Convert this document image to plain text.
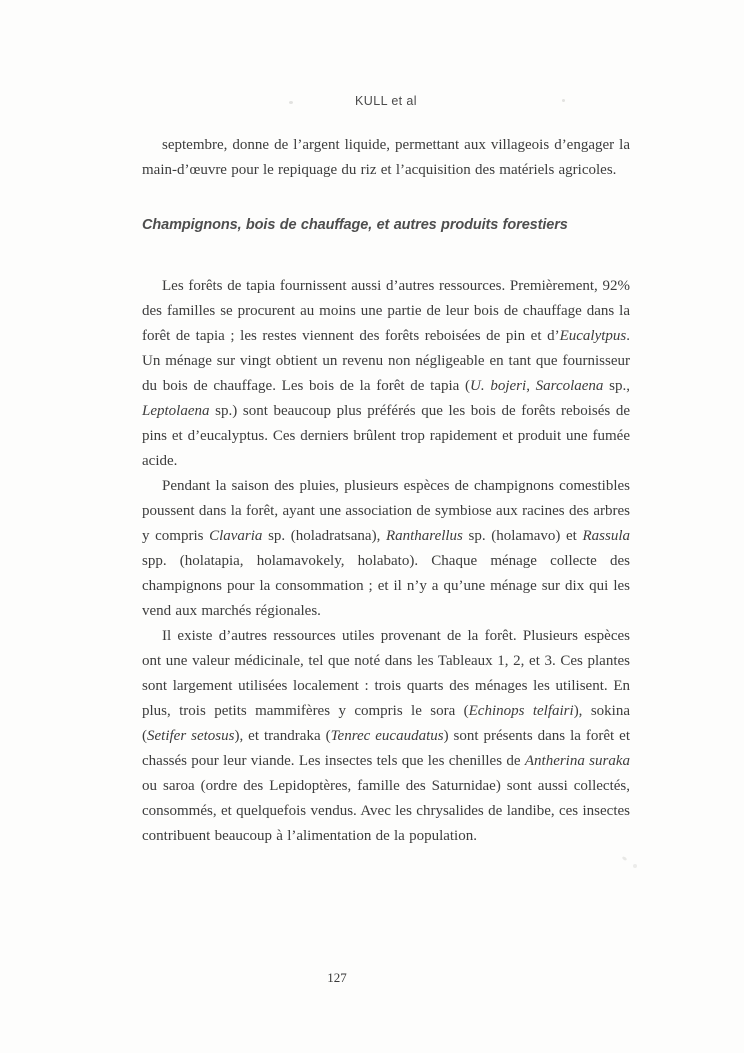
KULL et al

septembre, donne de l’argent liquide, permettant aux villageois d’engager la main-d’œuvre pour le repiquage du riz et l’acquisition des matériels agricoles.

Champignons, bois de chauffage, et autres produits forestiers

Les forêts de tapia fournissent aussi d’autres ressources. Premièrement, 92% des familles se procurent au moins une partie de leur bois de chauffage dans la forêt de tapia ; les restes viennent des forêts reboisées de pin et d’Eucalytpus. Un ménage sur vingt obtient un revenu non négligeable en tant que fournisseur du bois de chauffage. Les bois de la forêt de tapia (U. bojeri, Sarcolaena sp., Leptolaena sp.) sont beaucoup plus préférés que les bois de forêts reboisés de pins et d’eucalyptus. Ces derniers brûlent trop rapidement et produit une fumée acide.

Pendant la saison des pluies, plusieurs espèces de champignons comestibles poussent dans la forêt, ayant une association de symbiose aux racines des arbres y compris Clavaria sp. (holadratsana), Rantharellus sp. (holamavo) et Rassula spp. (holatapia, holamavokely, holabato). Chaque ménage collecte des champignons pour la consommation ; et il n’y a qu’une ménage sur dix qui les vend aux marchés régionales.

Il existe d’autres ressources utiles provenant de la forêt. Plusieurs espèces ont une valeur médicinale, tel que noté dans les Tableaux 1, 2, et 3. Ces plantes sont largement utilisées localement : trois quarts des ménages les utilisent. En plus, trois petits mammifères y compris le sora (Echinops telfairi), sokina (Setifer setosus), et trandraka (Tenrec eucaudatus) sont présents dans la forêt et chassés pour leur viande. Les insectes tels que les chenilles de Antherina suraka ou saroa (ordre des Lepidoptères, famille des Saturnidae) sont aussi collectés, consommés, et quelquefois vendus. Avec les chrysalides de landibe, ces insectes contribuent beaucoup à l’alimentation de la population.

127
